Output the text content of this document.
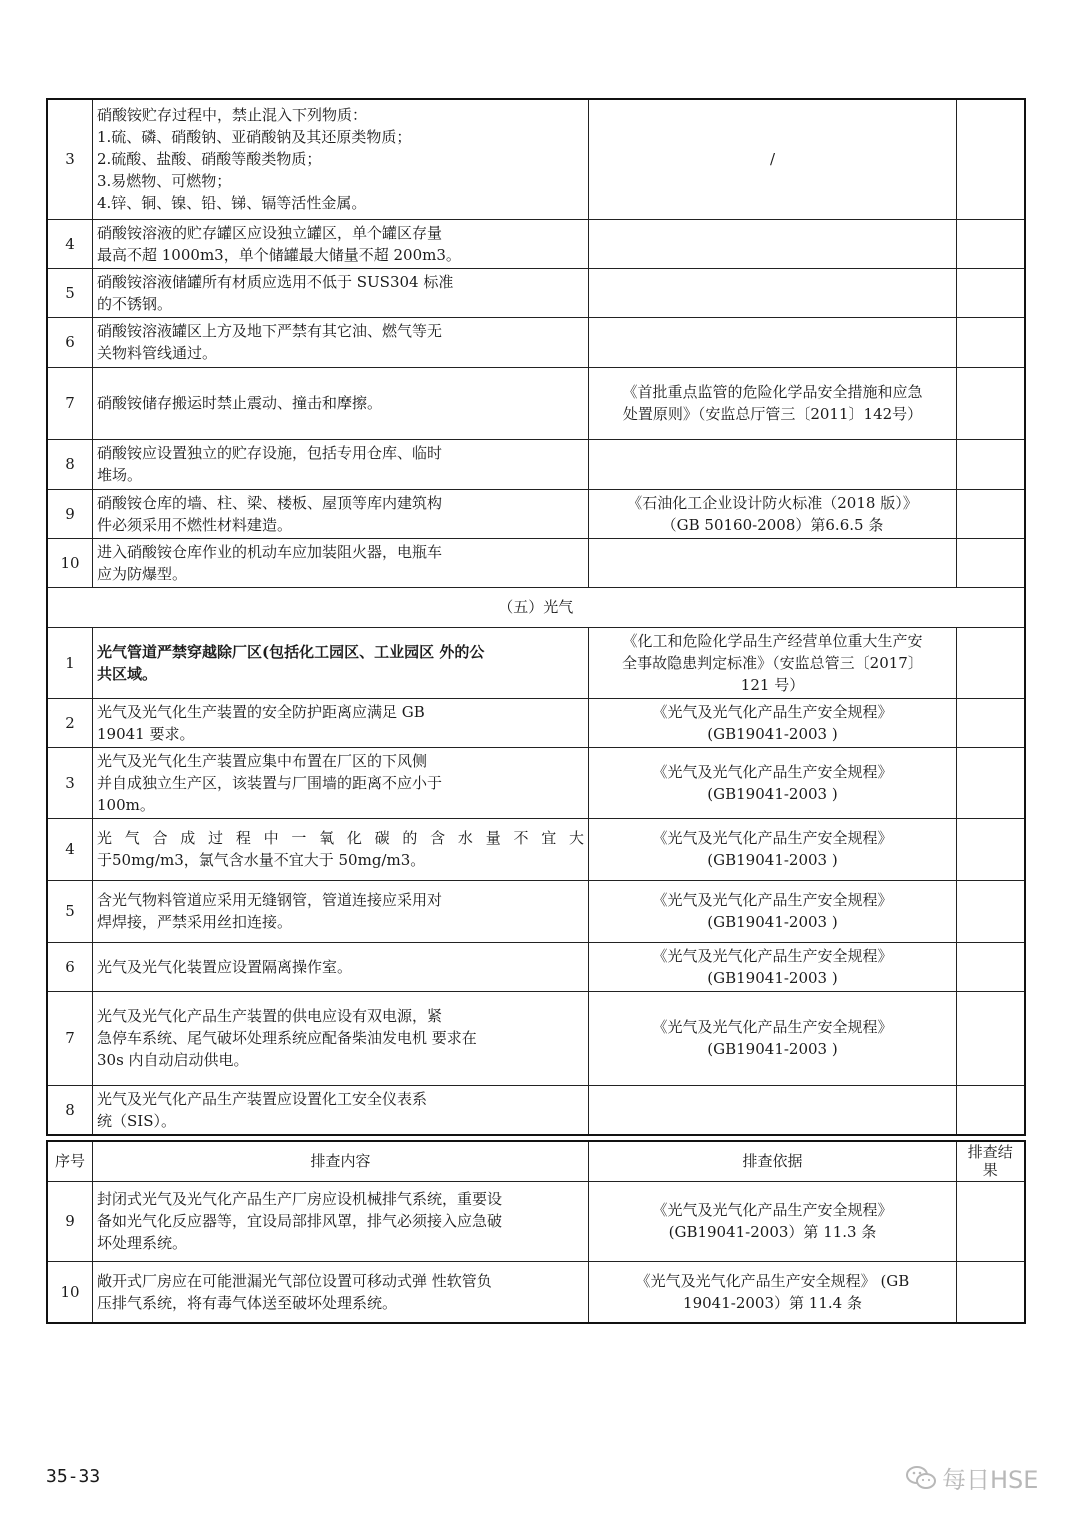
3	硝酸铵贮存过程中，禁止混入下列物质：
1.硫、磷、硝酸钠、亚硝酸钠及其还原类物质；
2.硫酸、盐酸、硝酸等酸类物质；
3.易燃物、可燃物；
4.锌、铜、镍、铅、锑、镉等活性金属。	/	

4	硝酸铵溶液的贮存罐区应设独立罐区，单个罐区存量
最高不超 1000m3，单个储罐最大储量不超 200m3。		

5	硝酸铵溶液储罐所有材质应选用不低于 SUS304 标准
的不锈钢。		

6	硝酸铵溶液罐区上方及地下严禁有其它油、燃气等无
关物料管线通过。		

7	硝酸铵储存搬运时禁止震动、撞击和摩擦。	《首批重点监管的危险化学品安全措施和应急
处置原则》（安监总厅管三〔2011〕142号）	

8	硝酸铵应设置独立的贮存设施，包括专用仓库、临时
堆场。		

9	硝酸铵仓库的墙、柱、梁、楼板、屋顶等库内建筑构
件必须采用不燃性材料建造。	《石油化工企业设计防火标准（2018 版）》
（GB 50160-2008）第6.6.5 条	

10	进入硝酸铵仓库作业的机动车应加装阻火器，电瓶车
应为防爆型。		

（五）光气			
1	光气管道严禁穿越除厂区(包括化工园区、工业园区 外的公
共区域。	《化工和危险化学品生产经营单位重大生产安
全事故隐患判定标准》（安监总管三〔2017〕
121 号）	

2	光气及光气化生产装置的安全防护距离应满足 GB
19041 要求。	《光气及光气化产品生产安全规程》
(GB19041-2003 )	

3	光气及光气化生产装置应集中布置在厂区的下风侧
并自成独立生产区，该装置与厂围墙的距离不应小于
100m。	《光气及光气化产品生产安全规程》
(GB19041-2003 )	

4	光气合成过程中一氧化碳的含水量不宜大
于50mg/m3，氯气含水量不宜大于 50mg/m3。	《光气及光气化产品生产安全规程》
(GB19041-2003 )	

5	含光气物料管道应采用无缝钢管，管道连接应采用对
焊焊接，严禁采用丝扣连接。	《光气及光气化产品生产安全规程》
(GB19041-2003 )	

6	光气及光气化装置应设置隔离操作室。	《光气及光气化产品生产安全规程》
(GB19041-2003 )	

7	光气及光气化产品生产装置的供电应设有双电源，紧
急停车系统、尾气破坏处理系统应配备柴油发电机 要求在
30s 内自动启动供电。	《光气及光气化产品生产安全规程》
(GB19041-2003 )	

8	光气及光气化产品生产装置应设置化工安全仪表系
统（SIS）。		

序号	排查内容	排查依据	排查结果
9	封闭式光气及光气化产品生产厂房应设机械排气系统，重要设
备如光气化反应器等，宜设局部排风罩，排气必须接入应急破
坏处理系统。	《光气及光气化产品生产安全规程》
(GB19041-2003）第 11.3 条	

10	敞开式厂房应在可能泄漏光气部位设置可移动式弹 性软管负
压排气系统，将有毒气体送至破坏处理系统。	《光气及光气化产品生产安全规程》 (GB
19041-2003）第 11.4 条	

35-33	每日HSE
